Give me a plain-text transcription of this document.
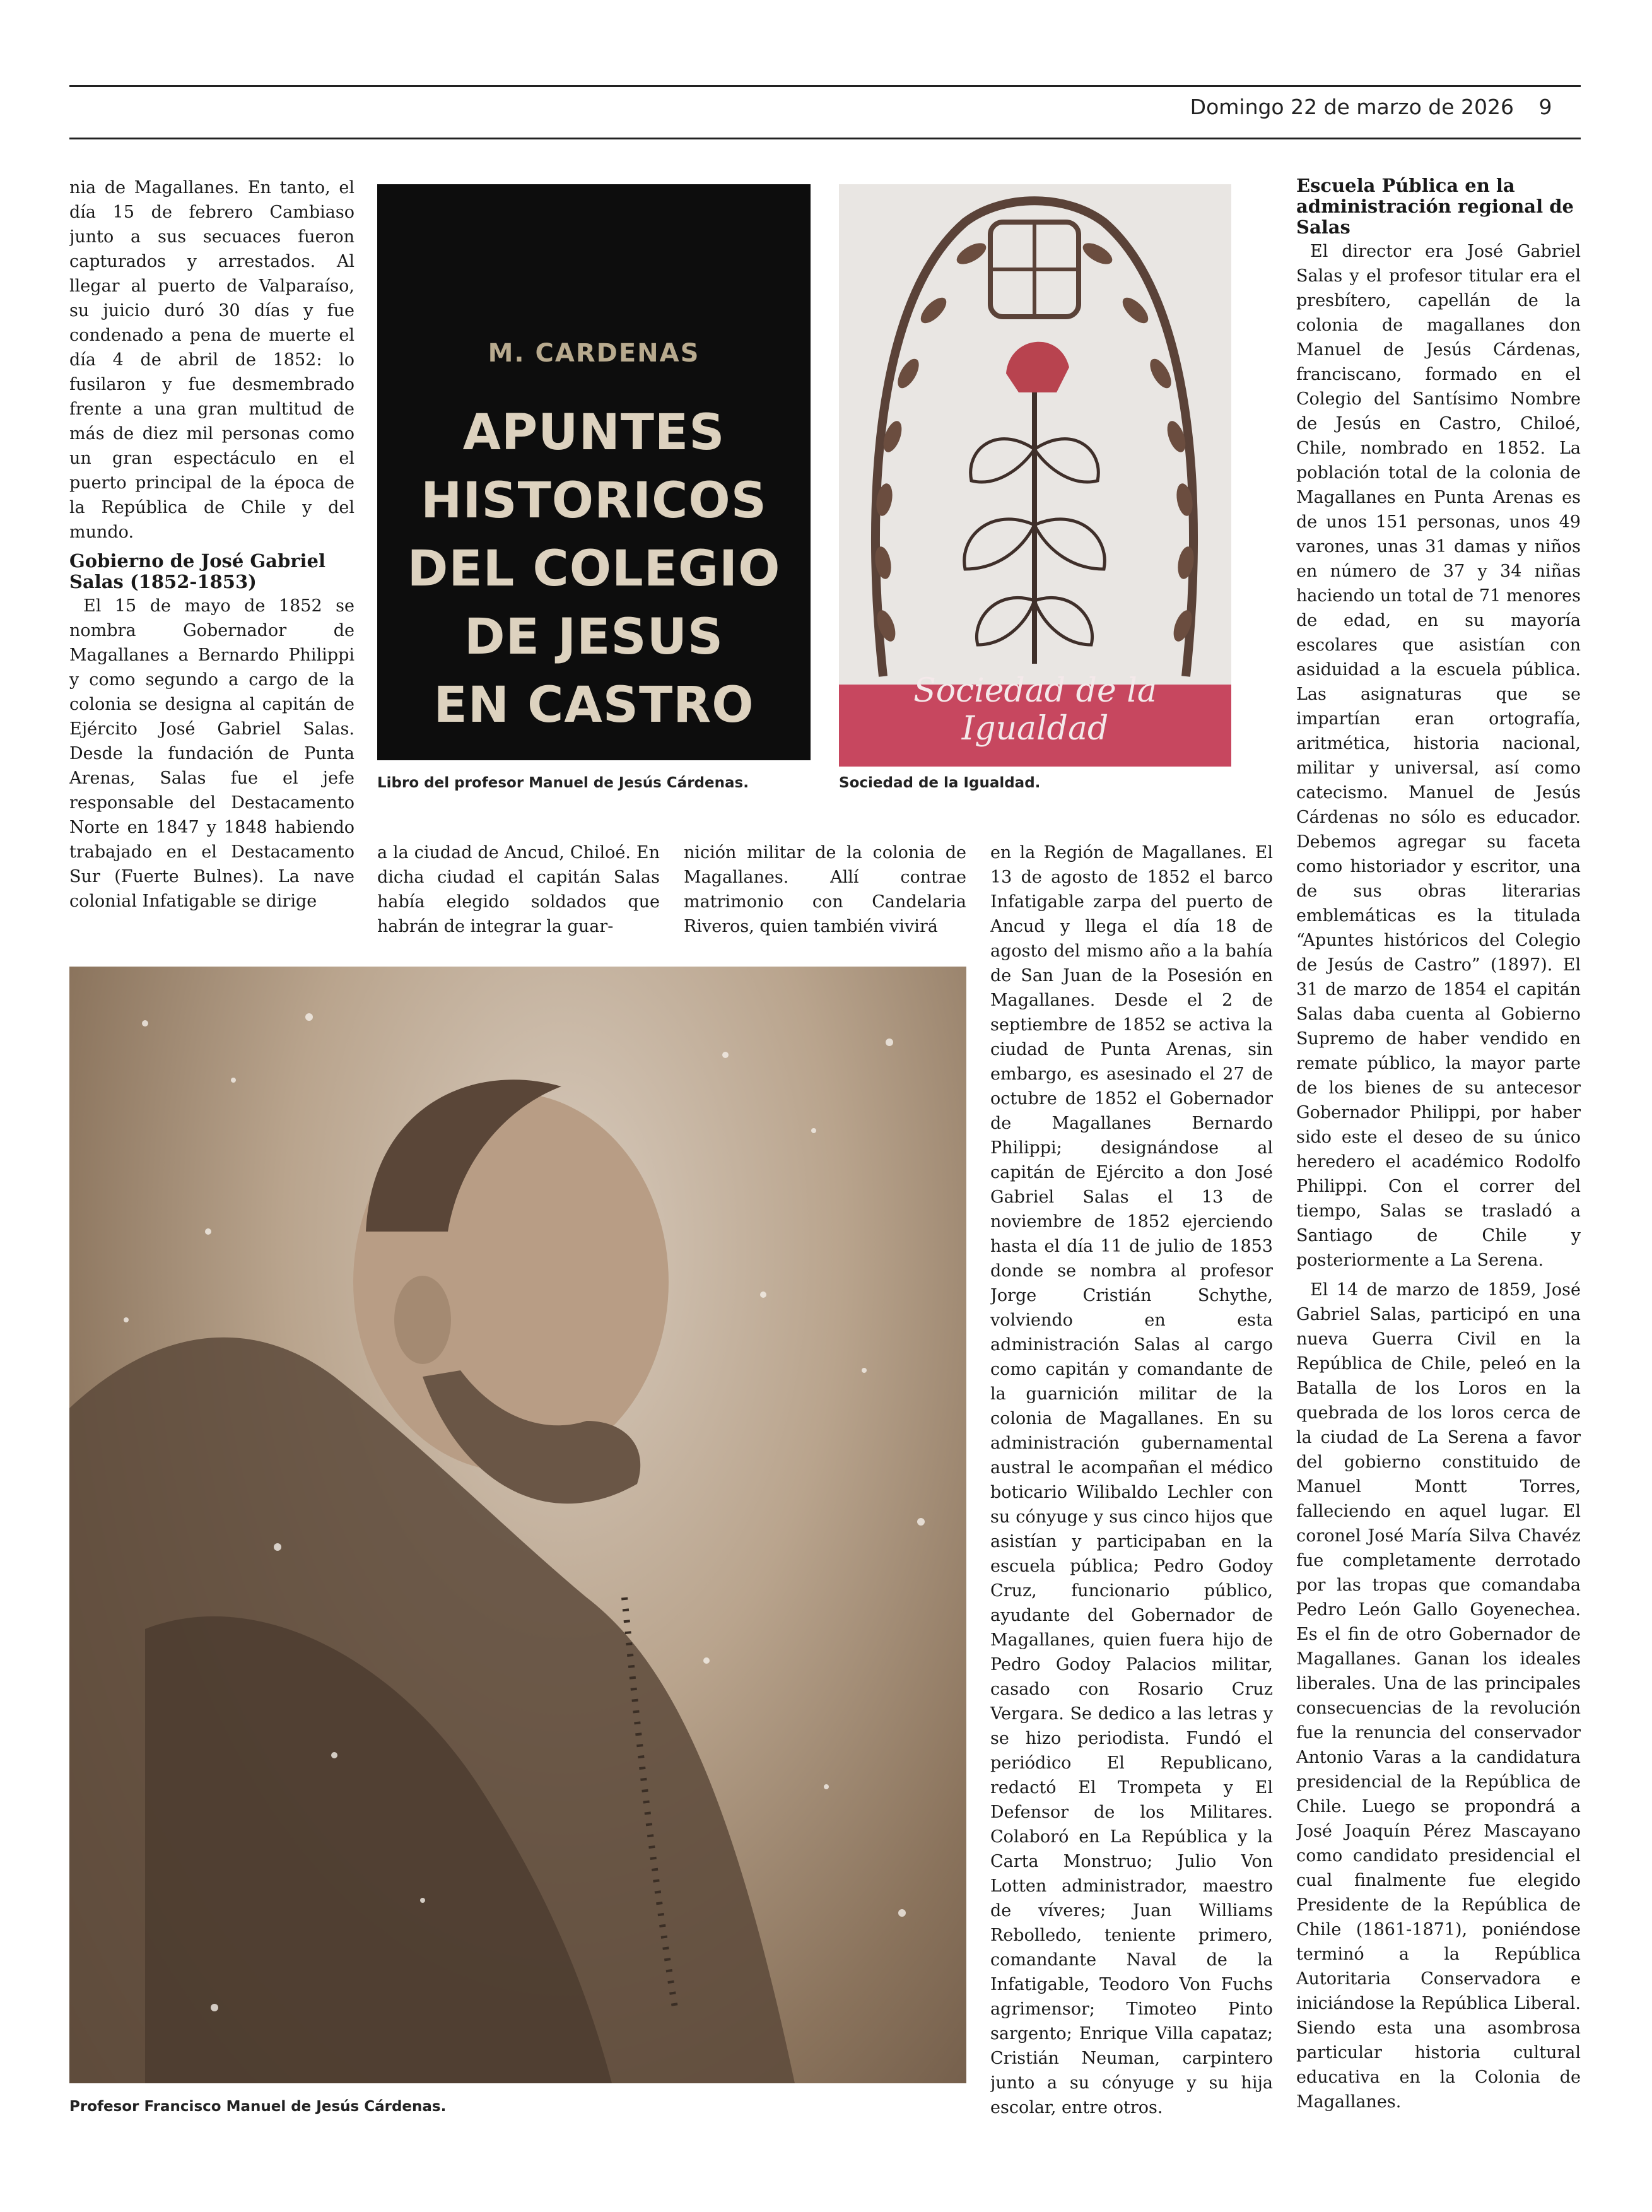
Domingo 22 de marzo de 2026	9

nia de Magallanes. En tanto, el día 15 de febrero Cambiaso junto a sus secuaces fueron capturados y arrestados. Al llegar al puerto de Valparaíso, su juicio duró 30 días y fue condenado a pena de muerte el día 4 de abril de 1852: lo fusilaron y fue desmembrado frente a una gran multitud de más de diez mil personas como un gran espectáculo en el puerto principal de la época de la República de Chile y del mundo.

Gobierno de José Gabriel Salas (1852-1853)

El 15 de mayo de 1852 se nombra Gobernador de Magallanes a Bernardo Philippi y como segundo a cargo de la colonia se designa al capitán de Ejército José Gabriel Salas. Desde la fundación de Punta Arenas, Salas fue el jefe responsable del Destacamento Norte en 1847 y 1848 habiendo trabajado en el Destacamento Sur (Fuerte Bulnes). La nave colonial Infatigable se dirige

M. CARDENAS
APUNTES
HISTORICOS
DEL COLEGIO
DE JESUS
EN CASTRO
Libro del profesor Manuel de Jesús Cárdenas.
Sociedad de la Igualdad
Sociedad de la Igualdad.

a la ciudad de Ancud, Chiloé. En dicha ciudad el capitán Salas había elegido soldados que habrán de integrar la guar-

nición militar de la colonia de Magallanes. Allí contrae matrimonio con Candelaria Riveros, quien también vivirá

Profesor Francisco Manuel de Jesús Cárdenas.

en la Región de Magallanes. El 13 de agosto de 1852 el barco Infatigable zarpa del puerto de Ancud y llega el día 18 de agosto del mismo año a la bahía de San Juan de la Posesión en Magallanes. Desde el 2 de septiembre de 1852 se activa la ciudad de Punta Arenas, sin embargo, es asesinado el 27 de octubre de 1852 el Gobernador de Magallanes Bernardo Philippi; designándose al capitán de Ejército a don José Gabriel Salas el 13 de noviembre de 1852 ejerciendo hasta el día 11 de julio de 1853 donde se nombra al profesor Jorge Cristián Schythe, volviendo en esta administración Salas al cargo como capitán y comandante de la guarnición militar de la colonia de Magallanes. En su administración gubernamental austral le acompañan el médico boticario Wilibaldo Lechler con su cónyuge y sus cinco hijos que asistían y participaban en la escuela pública; Pedro Godoy Cruz, funcionario público, ayudante del Gobernador de Magallanes, quien fuera hijo de Pedro Godoy Palacios militar, casado con Rosario Cruz Vergara. Se dedico a las letras y se hizo periodista. Fundó el periódico El Republicano, redactó El Trompeta y El Defensor de los Militares. Colaboró en La República y la Carta Monstruo; Julio Von Lotten administrador, maestro de víveres; Juan Williams Rebolledo, teniente primero, comandante Naval de la Infatigable, Teodoro Von Fuchs agrimensor; Timoteo Pinto sargento; Enrique Villa capataz; Cristián Neuman, carpintero junto a su cónyuge y su hija escolar, entre otros.

Escuela Pública en la administración regional de Salas

El director era José Gabriel Salas y el profesor titular era el presbítero, capellán de la colonia de magallanes don Manuel de Jesús Cárdenas, franciscano, formado en el Colegio del Santísimo Nombre de Jesús en Castro, Chiloé, Chile, nombrado en 1852. La población total de la colonia de Magallanes en Punta Arenas es de unos 151 personas, unos 49 varones, unas 31 damas y niños en número de 37 y 34 niñas haciendo un total de 71 menores de edad, en su mayoría escolares que asistían con asiduidad a la escuela pública. Las asignaturas que se impartían eran ortografía, aritmética, historia nacional, militar y universal, así como catecismo. Manuel de Jesús Cárdenas no sólo es educador. Debemos agregar su faceta como historiador y escritor, una de sus obras literarias emblemáticas es la titulada “Apuntes históricos del Colegio de Jesús de Castro” (1897). El 31 de marzo de 1854 el capitán Salas daba cuenta al Gobierno Supremo de haber vendido en remate público, la mayor parte de los bienes de su antecesor Gobernador Philippi, por haber sido este el deseo de su único heredero el académico Rodolfo Philippi. Con el correr del tiempo, Salas se trasladó a Santiago de Chile y posteriormente a La Serena.

El 14 de marzo de 1859, José Gabriel Salas, participó en una nueva Guerra Civil en la República de Chile, peleó en la Batalla de los Loros en la quebrada de los loros cerca de la ciudad de La Serena a favor del gobierno constituido de Manuel Montt Torres, falleciendo en aquel lugar. El coronel José María Silva Chavéz fue completamente derrotado por las tropas que comandaba Pedro León Gallo Goyenechea. Es el fin de otro Gobernador de Magallanes. Ganan los ideales liberales. Una de las principales consecuencias de la revolución fue la renuncia del conservador Antonio Varas a la candidatura presidencial de la República de Chile. Luego se propondrá a José Joaquín Pérez Mascayano como candidato presidencial el cual finalmente fue elegido Presidente de la República de Chile (1861-1871), poniéndose terminó a la República Autoritaria Conservadora e iniciándose la República Liberal. Siendo esta una asombrosa particular historia cultural educativa en la Colonia de Magallanes.
